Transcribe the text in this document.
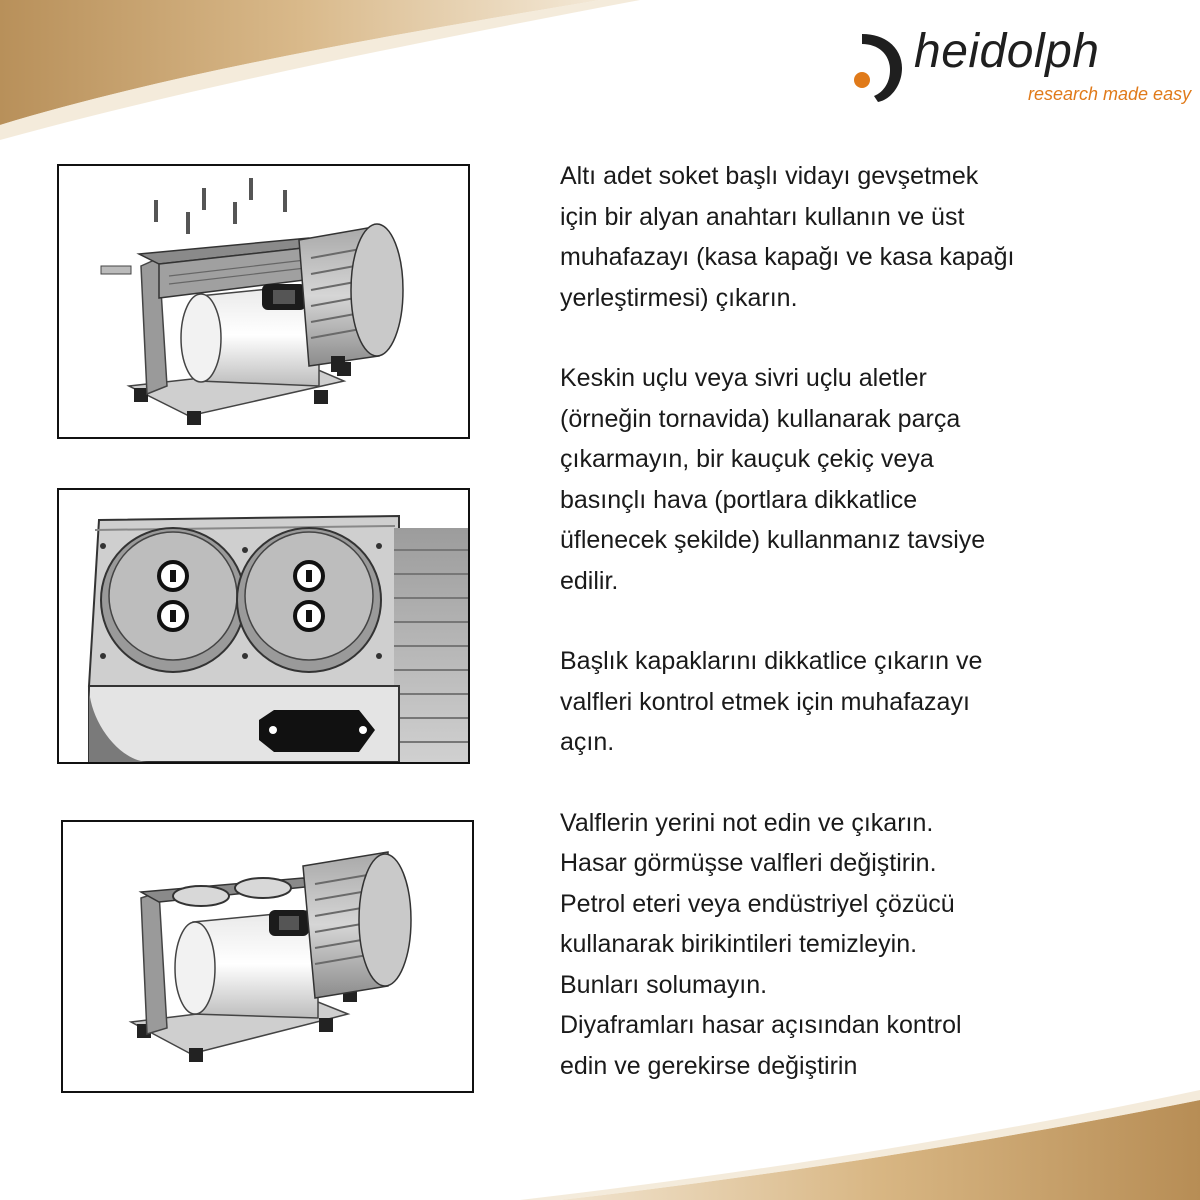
heidolph
research made easy

Altı adet soket başlı vidayı gevşetmek
için bir alyan anahtarı kullanın ve üst
muhafazayı (kasa kapağı ve kasa kapağı
yerleştirmesi) çıkarın.

Keskin uçlu veya sivri uçlu aletler
(örneğin tornavida) kullanarak parça
çıkarmayın, bir kauçuk çekiç veya
basınçlı hava (portlara dikkatlice
üflenecek şekilde) kullanmanız tavsiye
edilir.

Başlık kapaklarını dikkatlice çıkarın ve
valfleri kontrol etmek için muhafazayı
açın.

Valflerin yerini not edin ve çıkarın.
Hasar görmüşse valfleri değiştirin.
Petrol eteri veya endüstriyel çözücü
kullanarak birikintileri temizleyin.
Bunları solumayın.
Diyaframları hasar açısından kontrol
edin ve gerekirse değiştirin
